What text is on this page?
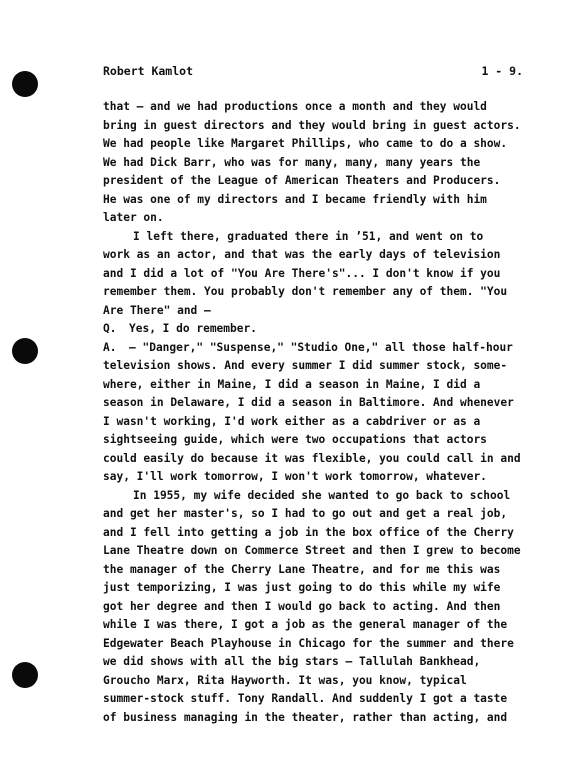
Robert Kamlot	1 - 9.
that — and we had productions once a month and they would
bring in guest directors and they would bring in guest actors.
We had people like Margaret Phillips, who came to do a show.
We had Dick Barr, who was for many, many, many years the
president of the League of American Theaters and Producers.
He was one of my directors and I became friendly with him
later on.
I left there, graduated there in ’51, and went on to
work as an actor, and that was the early days of television
and I did a lot of "You Are There's"... I don't know if you
remember them. You probably don't remember any of them. "You
Are There" and —
Q. Yes, I do remember.
A. — "Danger," "Suspense," "Studio One," all those half-hour
television shows. And every summer I did summer stock, some-
where, either in Maine, I did a season in Maine, I did a
season in Delaware, I did a season in Baltimore. And whenever
I wasn't working, I'd work either as a cabdriver or as a
sightseeing guide, which were two occupations that actors
could easily do because it was flexible, you could call in and
say, I'll work tomorrow, I won't work tomorrow, whatever.
In 1955, my wife decided she wanted to go back to school
and get her master's, so I had to go out and get a real job,
and I fell into getting a job in the box office of the Cherry
Lane Theatre down on Commerce Street and then I grew to become
the manager of the Cherry Lane Theatre, and for me this was
just temporizing, I was just going to do this while my wife
got her degree and then I would go back to acting. And then
while I was there, I got a job as the general manager of the
Edgewater Beach Playhouse in Chicago for the summer and there
we did shows with all the big stars — Tallulah Bankhead,
Groucho Marx, Rita Hayworth. It was, you know, typical
summer-stock stuff. Tony Randall. And suddenly I got a taste
of business managing in the theater, rather than acting, and
